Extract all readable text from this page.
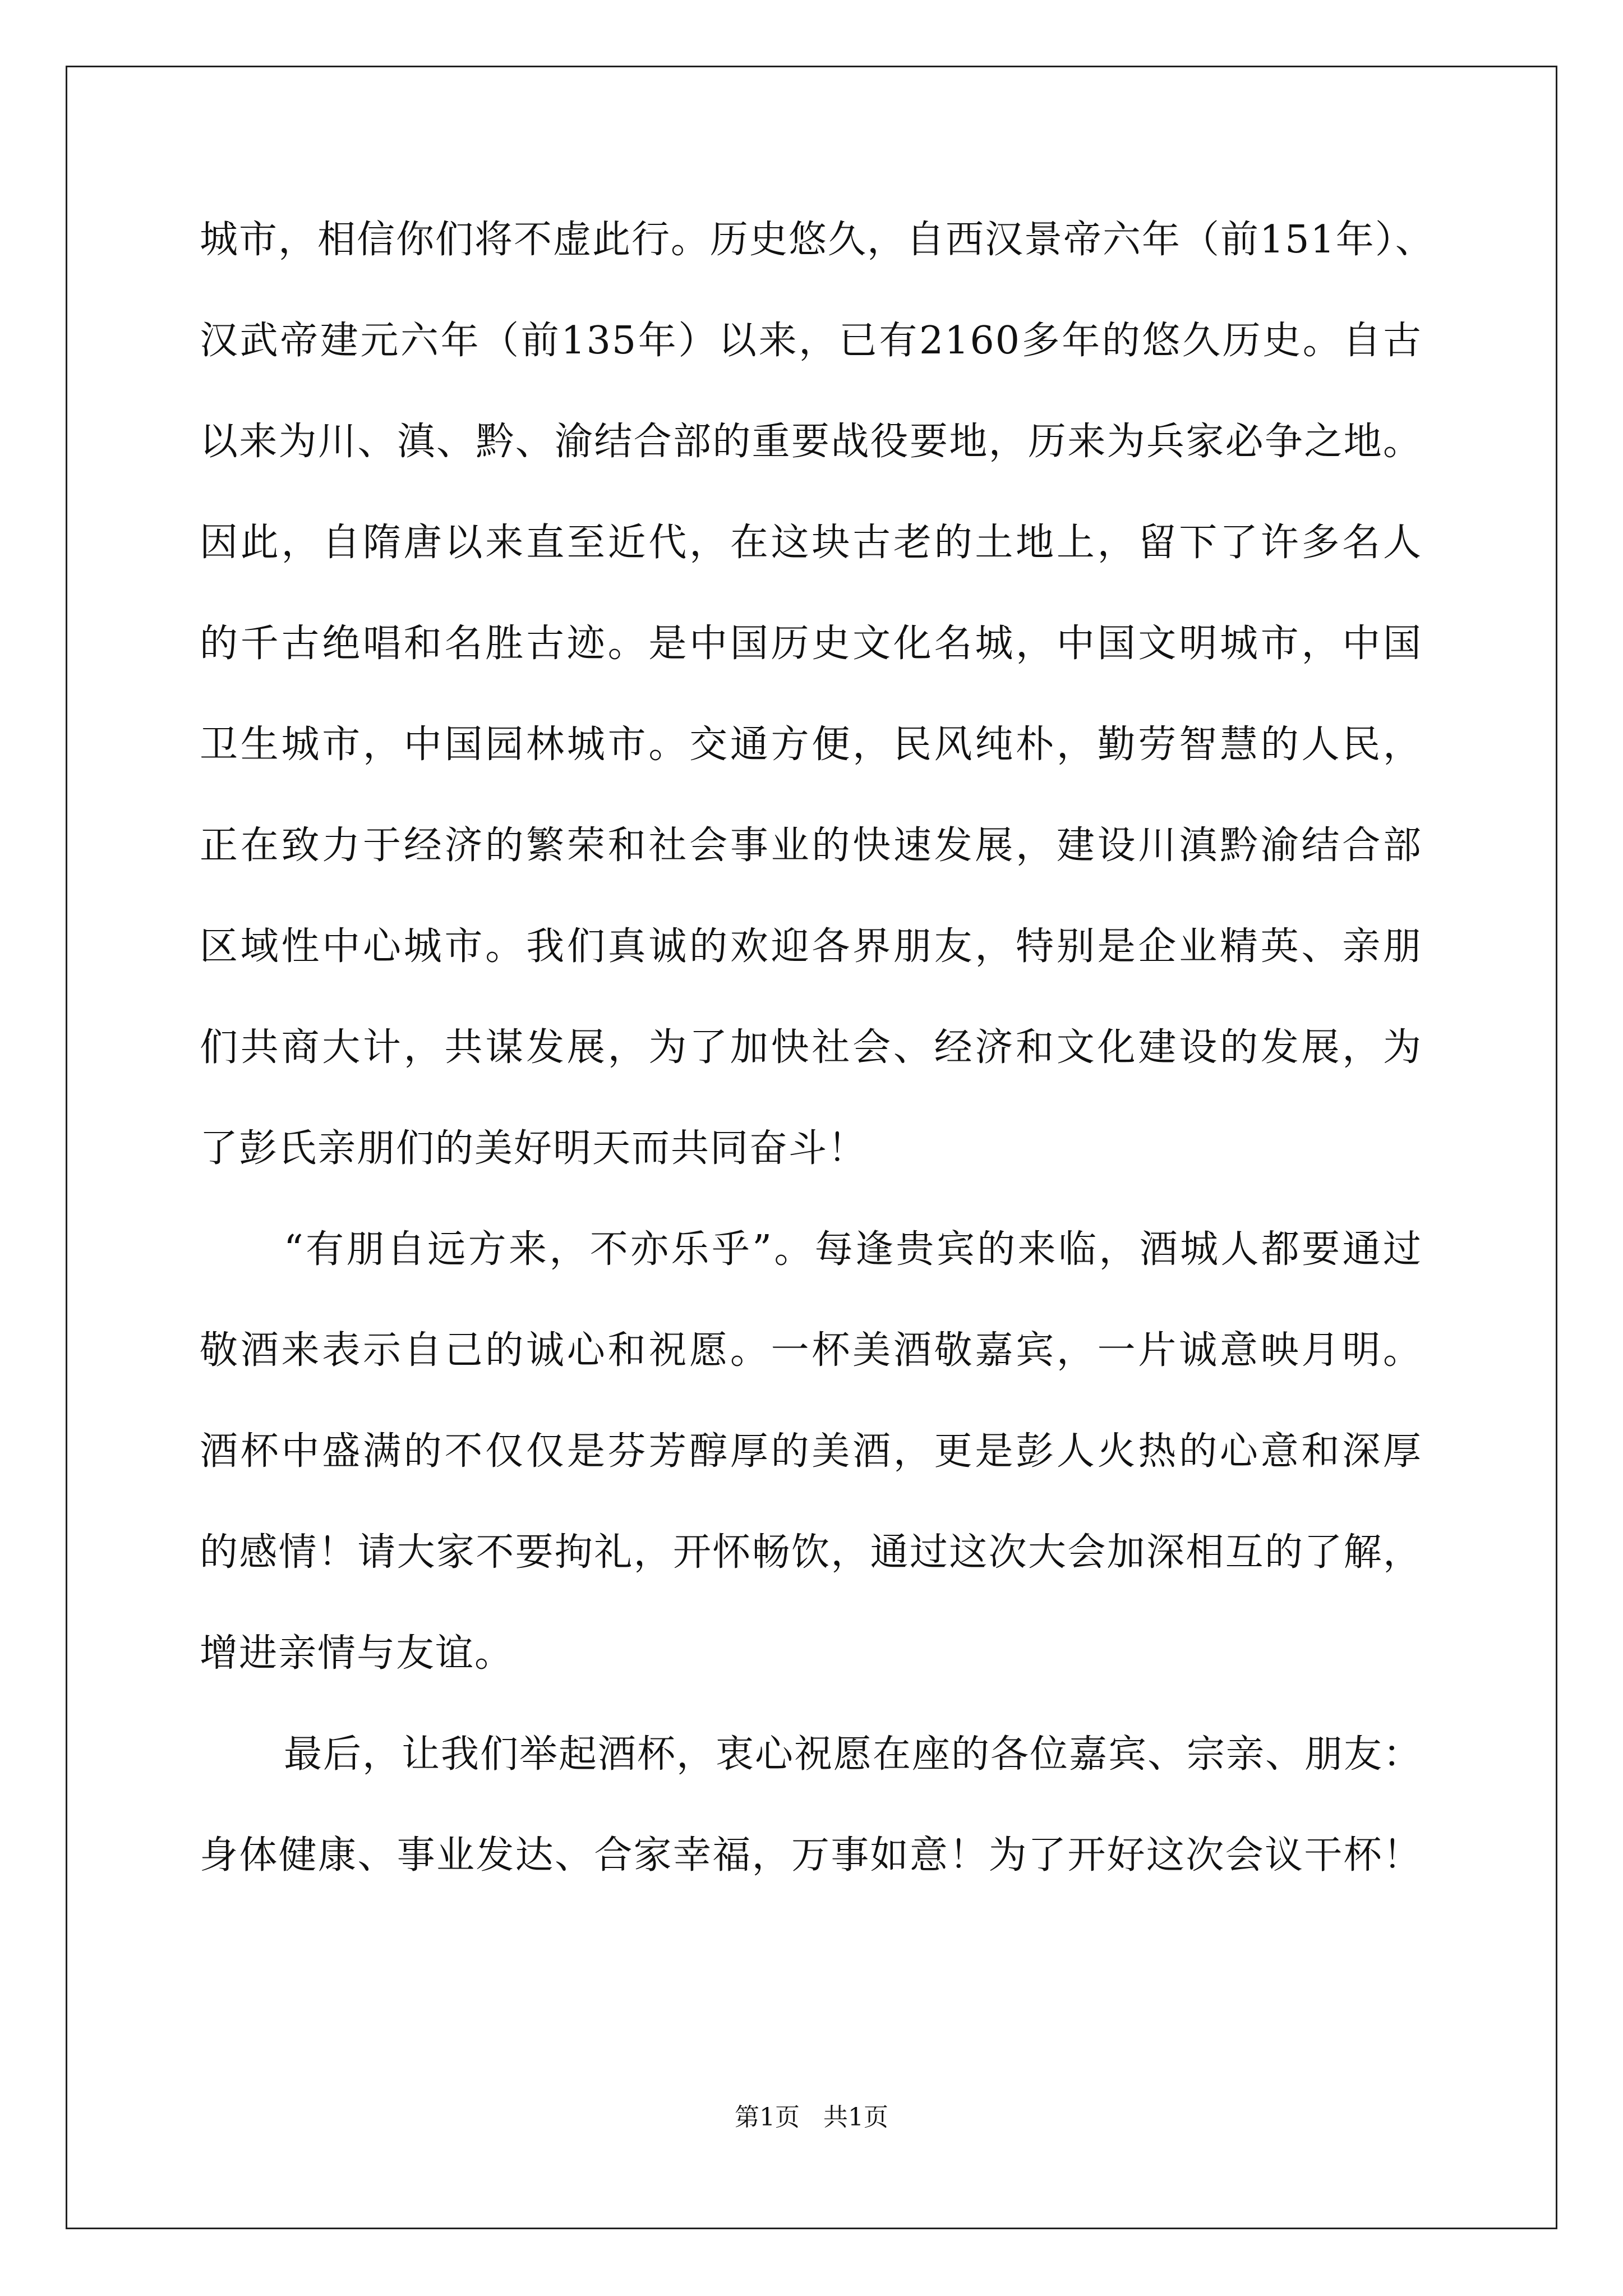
城市，相信你们将不虚此行。历史悠久，自西汉景帝六年（前151年）、
汉武帝建元六年（前135年）以来，已有2160多年的悠久历史。自古
以来为川、滇、黔、渝结合部的重要战役要地，历来为兵家必争之地。
因此，自隋唐以来直至近代，在这块古老的土地上，留下了许多名人
的千古绝唱和名胜古迹。是中国历史文化名城，中国文明城市，中国
卫生城市，中国园林城市。交通方便，民风纯朴，勤劳智慧的人民，
正在致力于经济的繁荣和社会事业的快速发展，建设川滇黔渝结合部
区域性中心城市。我们真诚的欢迎各界朋友，特别是企业精英、亲朋
们共商大计，共谋发展，为了加快社会、经济和文化建设的发展，为
了彭氏亲朋们的美好明天而共同奋斗！
“有朋自远方来，不亦乐乎”。每逢贵宾的来临，酒城人都要通过
敬酒来表示自己的诚心和祝愿。一杯美酒敬嘉宾，一片诚意映月明。
酒杯中盛满的不仅仅是芬芳醇厚的美酒，更是彭人火热的心意和深厚
的感情！请大家不要拘礼，开怀畅饮，通过这次大会加深相互的了解，
增进亲情与友谊。
最后，让我们举起酒杯，衷心祝愿在座的各位嘉宾、宗亲、朋友：
身体健康、事业发达、合家幸福，万事如意！为了开好这次会议干杯！
第1页   共1页
